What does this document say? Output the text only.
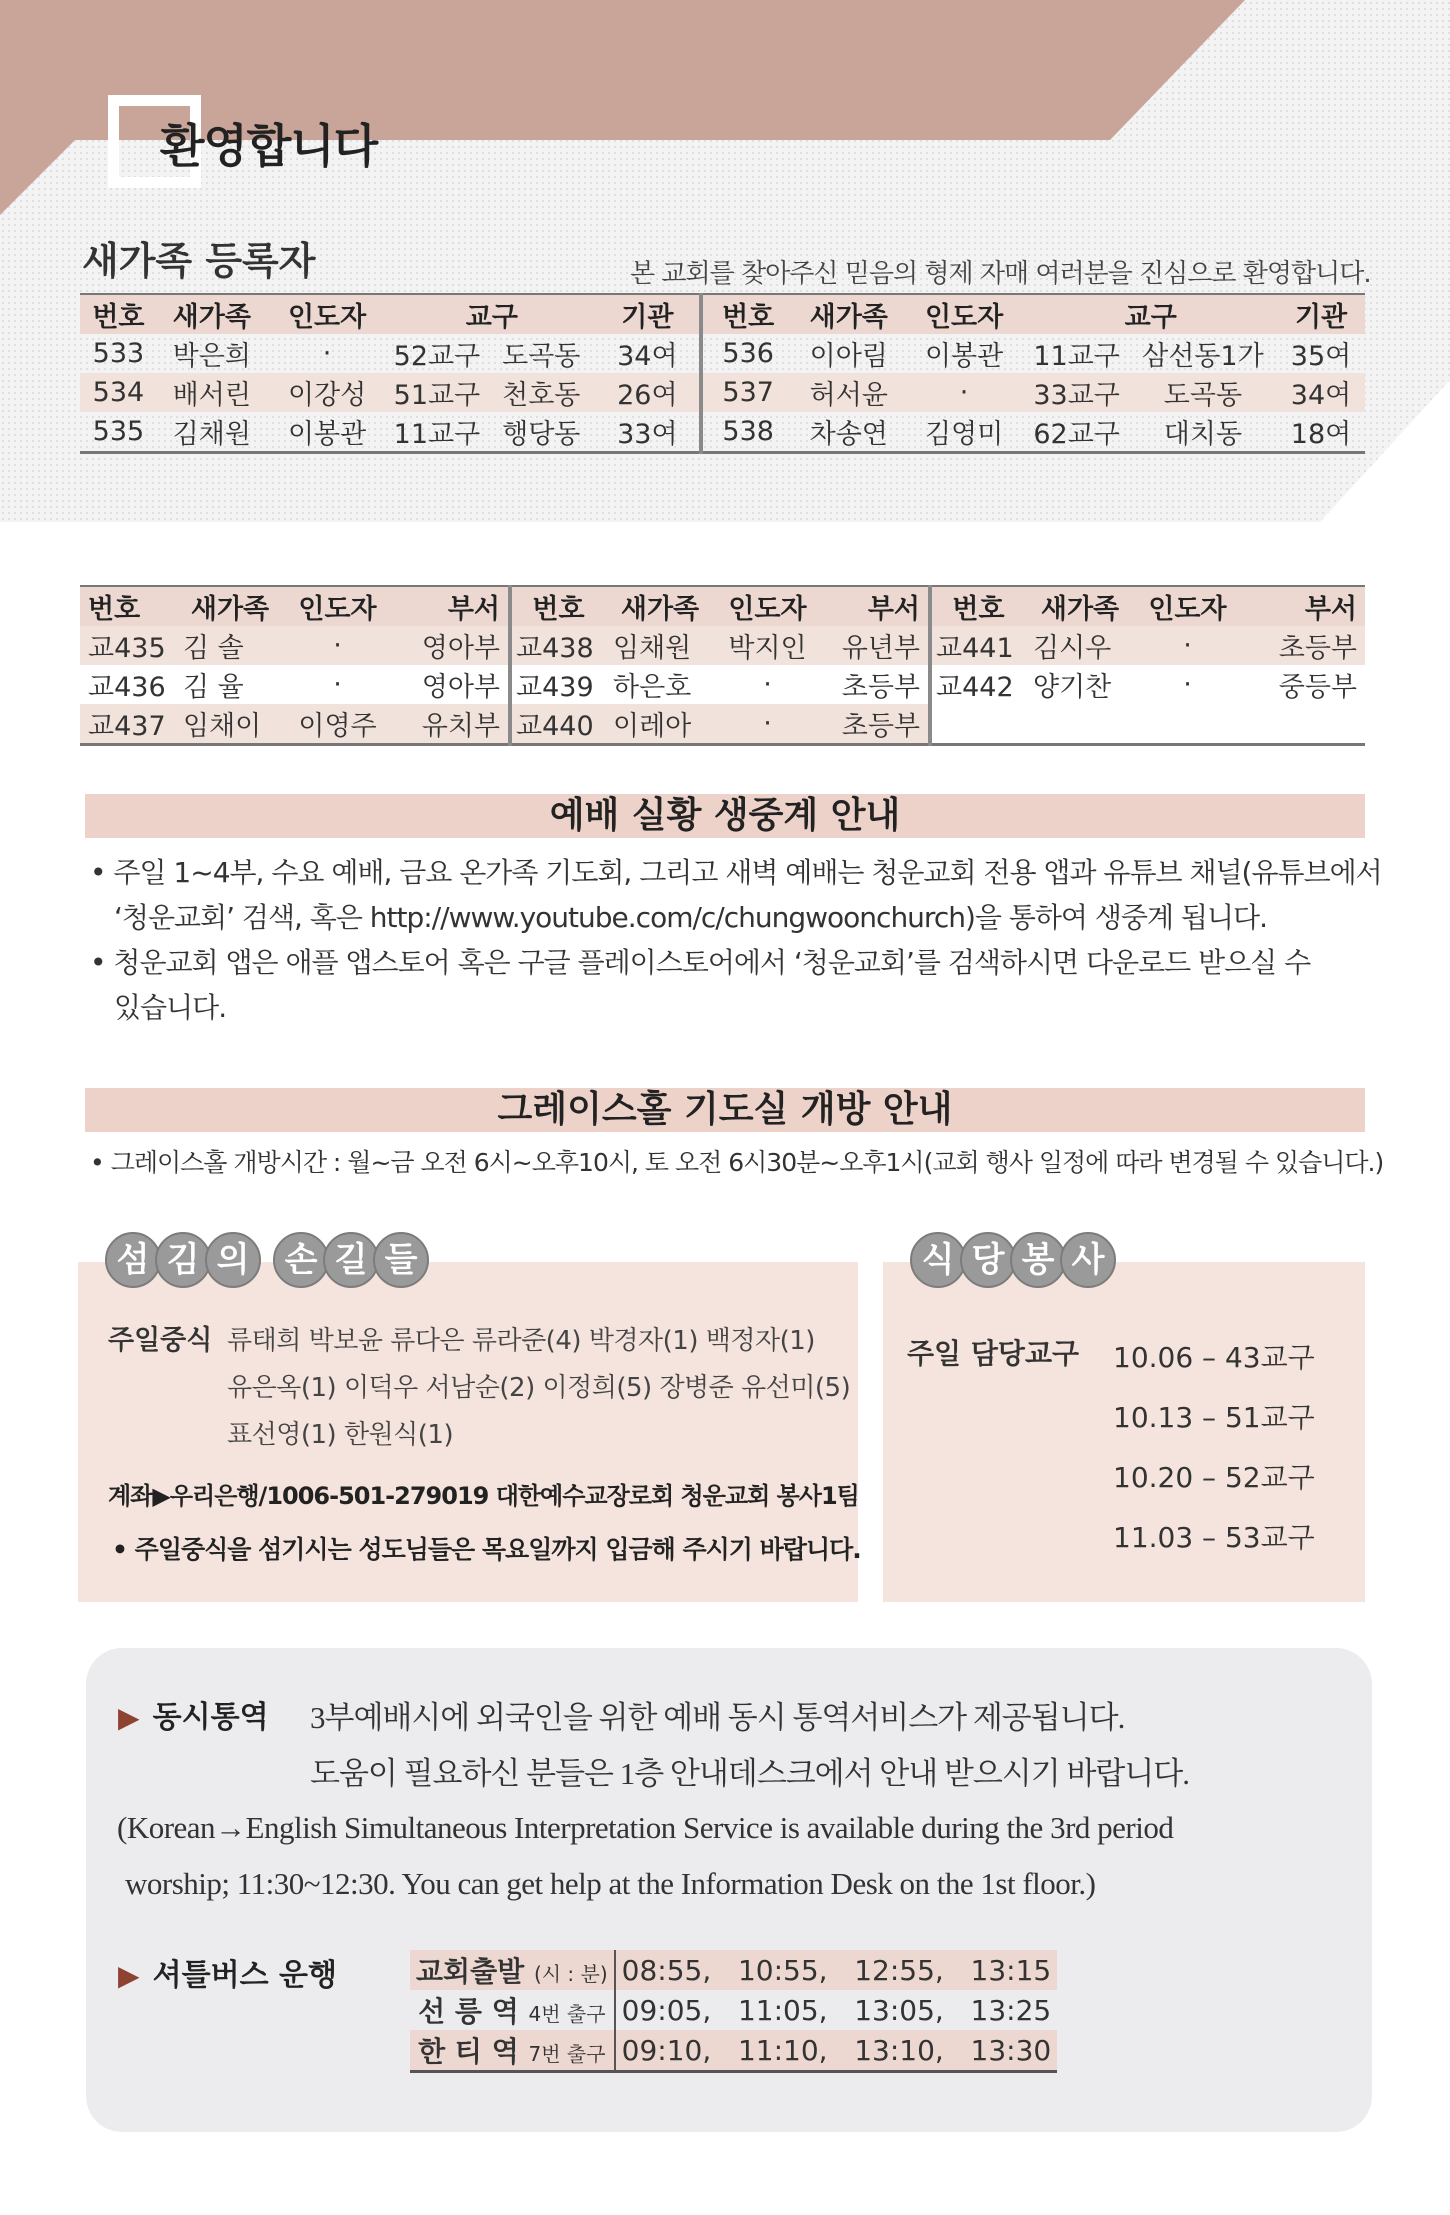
환영합니다
새가족 등록자	본 교회를 찾아주신 믿음의 형제 자매 여러분을 진심으로 환영합니다.
번호	새가족	인도자	교구		기관	번호	새가족	인도자	교구		기관
533	박은희	·	52교구	도곡동	34여	536	이아림	이봉관	11교구	삼선동1가	35여
534	배서린	이강성	51교구	천호동	26여	537	허서윤	·	33교구	도곡동	34여
535	김채원	이봉관	11교구	행당동	33여	538	차송연	김영미	62교구	대치동	18여
번호	새가족	인도자	부서	번호	새가족	인도자	부서	번호	새가족	인도자	부서
교435	김 솔	·	영아부	교438	임채원	박지인	유년부	교441	김시우	·	초등부
교436	김 율	·	영아부	교439	하은호	·	초등부	교442	양기찬	·	중등부
교437	임채이	이영주	유치부	교440	이레아	·	초등부				
예배 실황 생중계 안내
• 주일 1~4부, 수요 예배, 금요 온가족 기도회, 그리고 새벽 예배는 청운교회 전용 앱과 유튜브 채널(유튜브에서
‘청운교회’ 검색, 혹은 http://www.youtube.com/c/chungwoonchurch)을 통하여 생중계 됩니다.
• 청운교회 앱은 애플 앱스토어 혹은 구글 플레이스토어에서 ‘청운교회’를 검색하시면 다운로드 받으실 수
있습니다.
그레이스홀 기도실 개방 안내
• 그레이스홀 개방시간 : 월~금 오전 6시~오후10시, 토 오전 6시30분~오후1시(교회 행사 일정에 따라 변경될 수 있습니다.)
섬 김 의 손 길 들
주일중식 류태희 박보윤 류다은 류라준(4) 박경자(1) 백정자(1)
유은옥(1) 이덕우 서남순(2) 이정희(5) 장병준 유선미(5)
표선영(1) 한원식(1)
계좌▶우리은행/1006-501-279019 대한예수교장로회 청운교회 봉사1팀
• 주일중식을 섬기시는 성도님들은 목요일까지 입금해 주시기 바랍니다.
식 당 봉 사
주일 담당교구 10.06 – 43교구
10.13 – 51교구
10.20 – 52교구
11.03 – 53교구
▶ 동시통역 3부예배시에 외국인을 위한 예배 동시 통역서비스가 제공됩니다.
도움이 필요하신 분들은 1층 안내데스크에서 안내 받으시기 바랍니다.
(Korean→English Simultaneous Interpretation Service is available during the 3rd period
worship; 11:30~12:30. You can get help at the Information Desk on the 1st floor.)
▶ 셔틀버스 운행	교회출발 (시 : 분)	08:55,   10:55,   12:55,   13:15
선 릉 역 4번 출구	09:05,   11:05,   13:05,   13:25
한 티 역 7번 출구	09:10,   11:10,   13:10,   13:30
